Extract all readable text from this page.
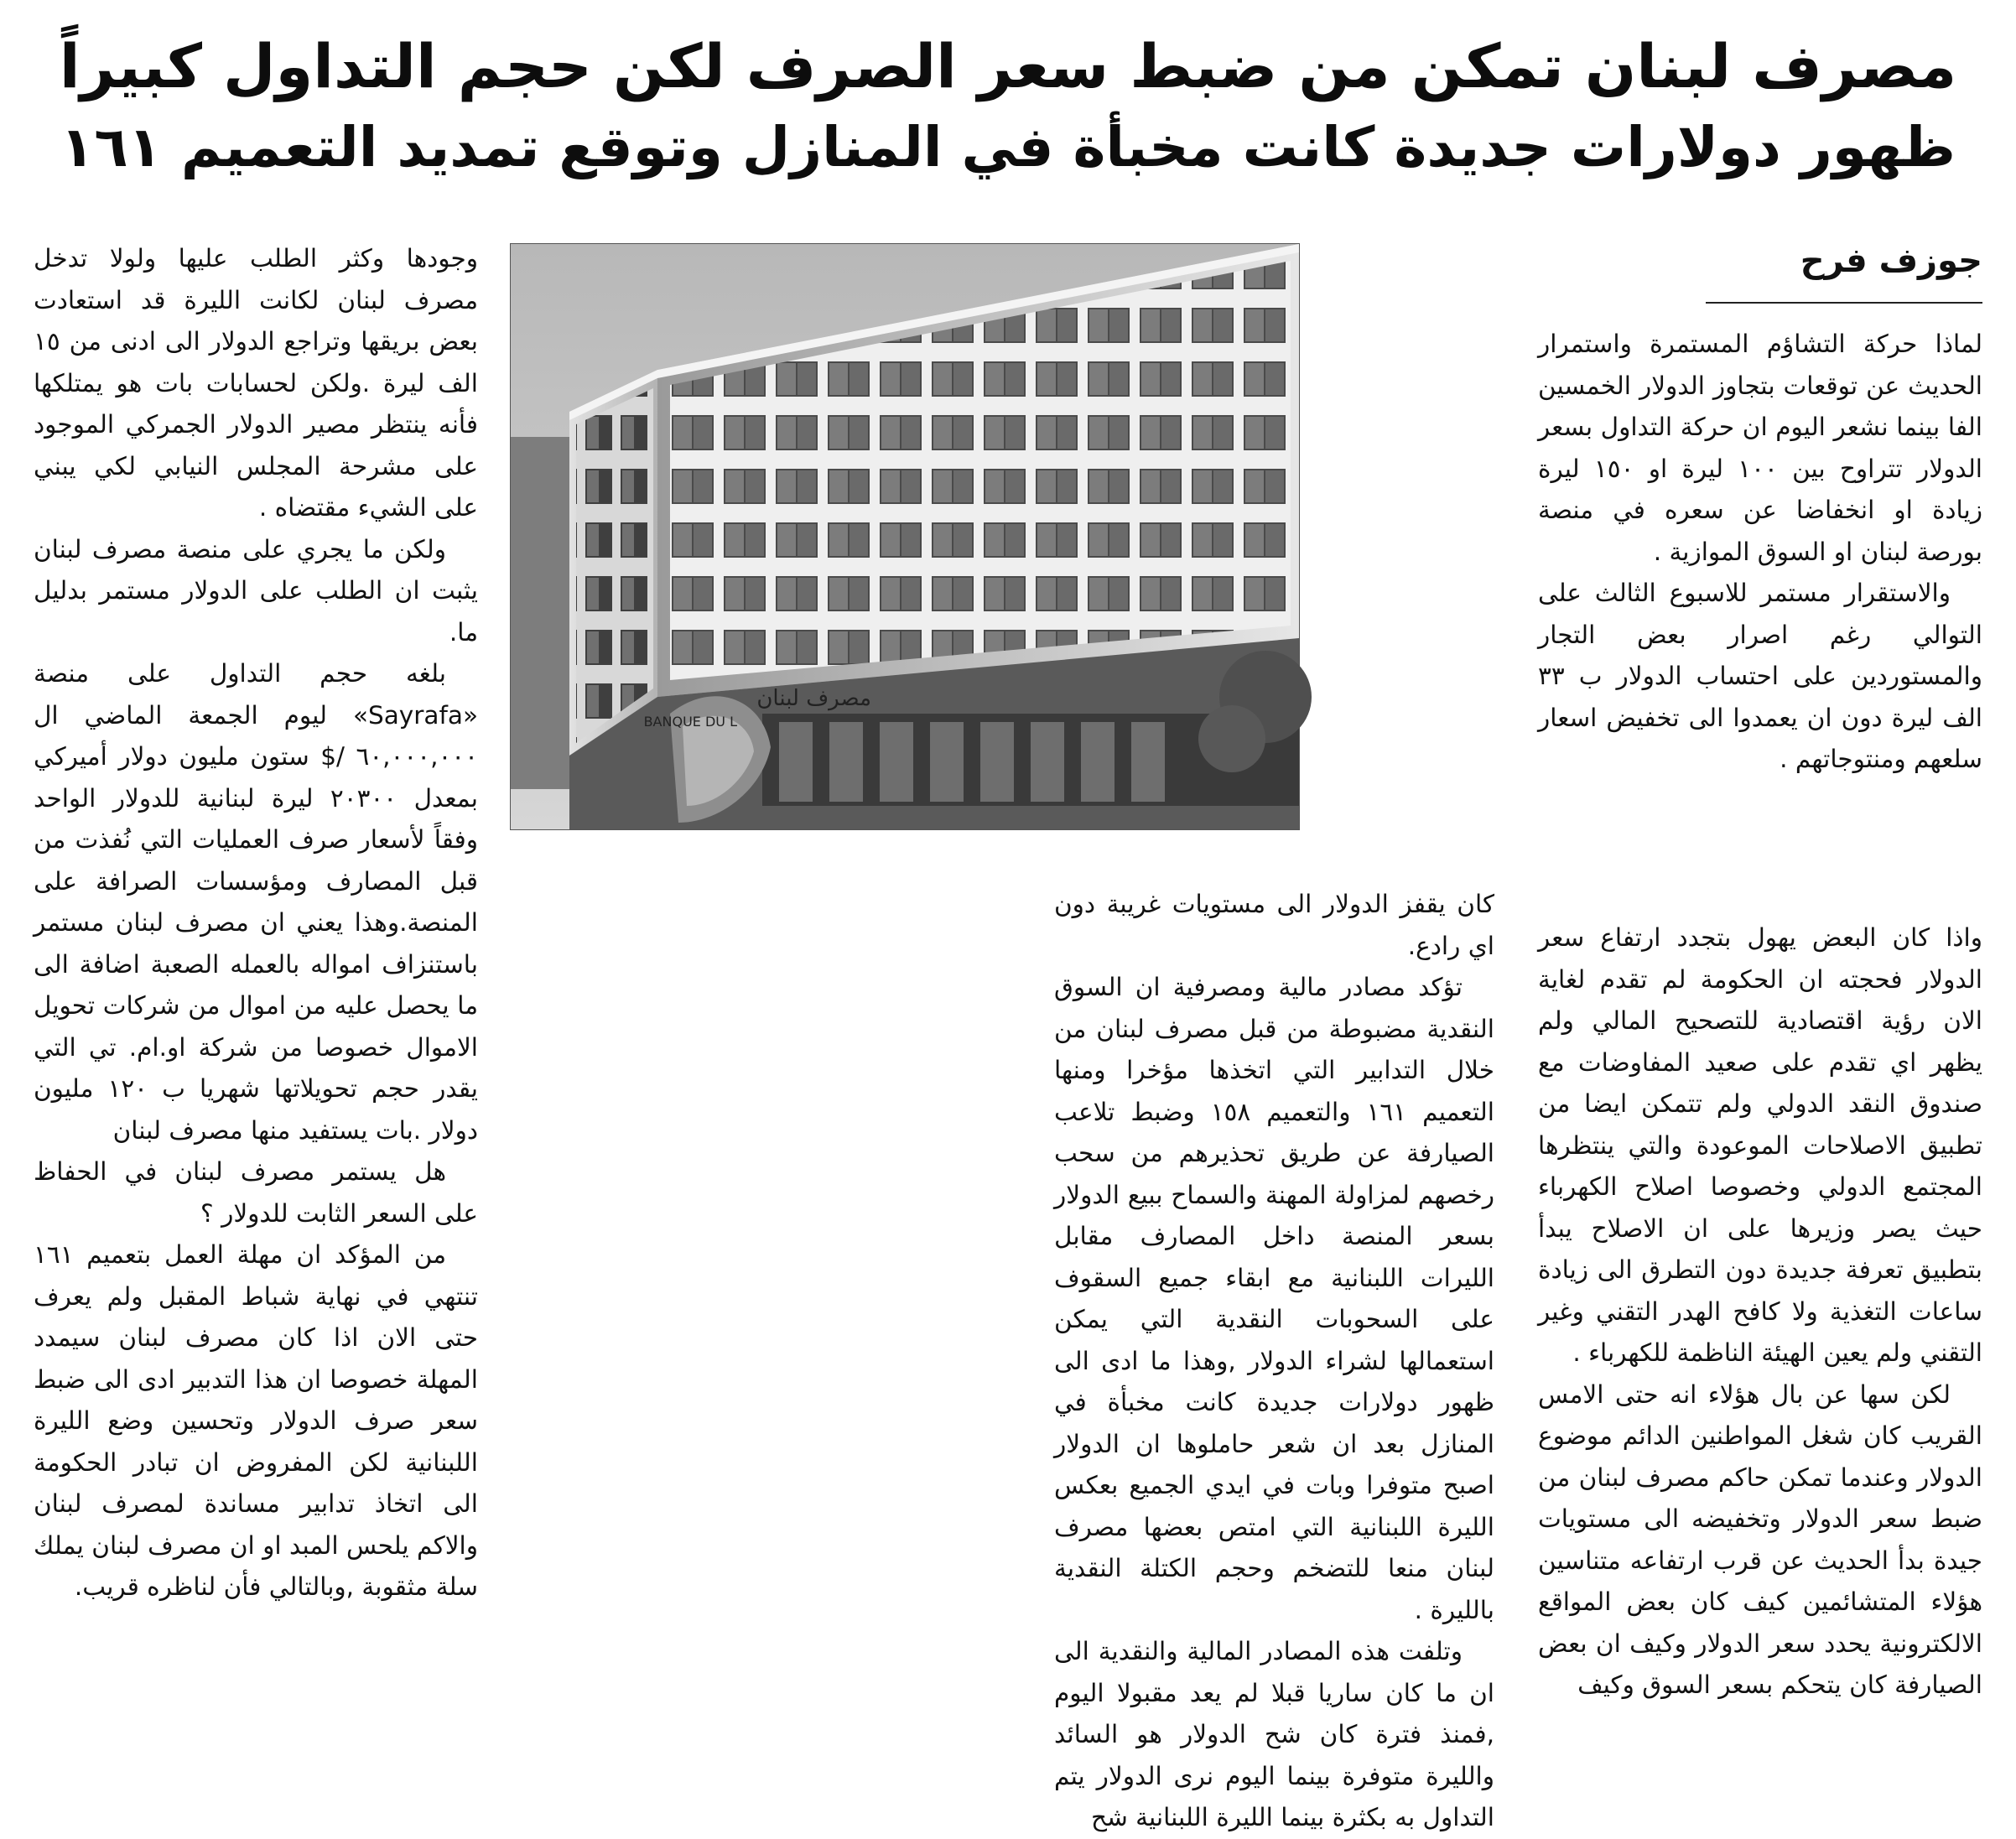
مصرف لبنان تمكن من ضبط سعر الصرف لكن حجم التداول كبيراً
ظهور دولارات جديدة كانت مخبأة في المنازل وتوقع تمديد التعميم ١٦١

جوزف فرح

مصرف لبنان
BANQUE DU L

لماذا حركة التشاؤم المستمرة واستمرار الحديث عن توقعات بتجاوز الدولار الخمسين الفا بينما نشعر اليوم ان حركة التداول بسعر الدولار تتراوح بين ١٠٠ ليرة او ١٥٠ ليرة زيادة او انخفاضا عن سعره في منصة بورصة لبنان او السوق الموازية .

والاستقرار مستمر للاسبوع الثالث على التوالي رغم اصرار بعض التجار والمستوردين على احتساب الدولار ب ٣٣ الف ليرة دون ان يعمدوا الى تخفيض اسعار سلعهم ومنتوجاتهم .

واذا كان البعض يهول بتجدد ارتفاع سعر الدولار فحجته ان الحكومة لم تقدم لغاية الان رؤية اقتصادية للتصحيح المالي ولم يظهر اي تقدم على صعيد المفاوضات مع صندوق النقد الدولي ولم تتمكن ايضا من تطبيق الاصلاحات الموعودة والتي ينتظرها المجتمع الدولي وخصوصا اصلاح الكهرباء حيث يصر وزيرها على ان الاصلاح يبدأ بتطبيق تعرفة جديدة دون التطرق الى زيادة ساعات التغذية ولا كافح الهدر التقني وغير التقني ولم يعين الهيئة الناظمة للكهرباء .

لكن سها عن بال هؤلاء انه حتى الامس القريب كان شغل المواطنين الدائم موضوع الدولار وعندما تمكن حاكم مصرف لبنان من ضبط سعر الدولار وتخفيضه الى مستويات جيدة بدأ الحديث عن قرب ارتفاعه متناسين هؤلاء المتشائمين كيف كان بعض المواقع الالكترونية يحدد سعر الدولار وكيف ان بعض الصيارفة كان يتحكم بسعر السوق وكيف

كان يقفز الدولار الى مستويات غريبة دون اي رادع.

تؤكد مصادر مالية ومصرفية ان السوق النقدية مضبوطة من قبل مصرف لبنان من خلال التدابير التي اتخذها مؤخرا ومنها التعميم ١٦١ والتعميم ١٥٨ وضبط تلاعب الصيارفة عن طريق تحذيرهم من سحب رخصهم لمزاولة المهنة والسماح ببيع الدولار بسعر المنصة داخل المصارف مقابل الليرات اللبنانية مع ابقاء جميع السقوف على السحوبات النقدية التي يمكن استعمالها لشراء الدولار ,وهذا ما ادى الى ظهور دولارات جديدة كانت مخبأة في المنازل بعد ان شعر حاملوها ان الدولار اصبح متوفرا وبات في ايدي الجميع بعكس الليرة اللبنانية التي امتص بعضها مصرف لبنان منعا للتضخم وحجم الكتلة النقدية بالليرة .

وتلفت هذه المصادر المالية والنقدية الى ان ما كان ساريا قبلا لم يعد مقبولا اليوم ,فمنذ فترة كان شح الدولار هو السائد والليرة متوفرة بينما اليوم نرى الدولار يتم التداول به بكثرة بينما الليرة اللبنانية شح

وجودها وكثر الطلب عليها ولولا تدخل مصرف لبنان لكانت الليرة قد استعادت بعض بريقها وتراجع الدولار الى ادنى من ١٥ الف ليرة .ولكن لحسابات بات هو يمتلكها فأنه ينتظر مصير الدولار الجمركي الموجود على مشرحة المجلس النيابي لكي يبني على الشيء مقتضاه .

ولكن ما يجري على منصة مصرف لبنان يثبت ان الطلب على الدولار مستمر بدليل ما.

بلغه حجم التداول على منصة «Sayrafa» ليوم الجمعة الماضي ال ٦٠,٠٠٠,٠٠٠ /$ ستون مليون دولار أميركي بمعدل ٢٠٣٠٠ ليرة لبنانية للدولار الواحد وفقاً لأسعار صرف العمليات التي نُفذت من قبل المصارف ومؤسسات الصرافة على المنصة.وهذا يعني ان مصرف لبنان مستمر باستنزاف امواله بالعمله الصعبة اضافة الى ما يحصل عليه من اموال من شركات تحويل الاموال خصوصا من شركة او.ام. تي التي يقدر حجم تحويلاتها شهريا ب ١٢٠ مليون دولار .بات يستفيد منها مصرف لبنان

هل يستمر مصرف لبنان في الحفاظ على السعر الثابت للدولار ؟

من المؤكد ان مهلة العمل بتعميم ١٦١ تنتهي في نهاية شباط المقبل ولم يعرف حتى الان اذا كان مصرف لبنان سيمدد المهلة خصوصا ان هذا التدبير ادى الى ضبط سعر صرف الدولار وتحسين وضع الليرة اللبنانية لكن المفروض ان تبادر الحكومة الى اتخاذ تدابير مساندة لمصرف لبنان والاكم يلحس المبد او ان مصرف لبنان يملك سلة مثقوبة ,وبالتالي فأن لناظره قريب.
